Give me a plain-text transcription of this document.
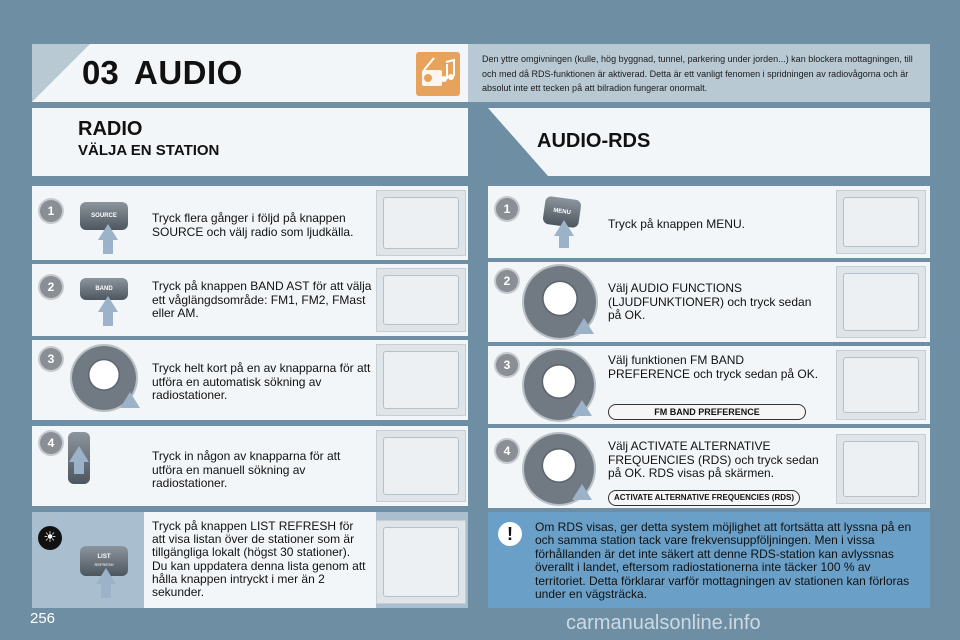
03 AUDIO	Den yttre omgivningen (kulle, hög byggnad, tunnel, parkering under jorden...) kan blockera mottagningen, till och med då RDS-funktionen är aktiverad. Detta är ett vanligt fenomen i spridningen av radiovågorna och är absolut inte ett tecken på att bilradion fungerar onormalt.
RADIO
VÄLJA EN STATION	AUDIO-RDS
1	SOURCE	Tryck flera gånger i följd på knappen SOURCE och välj radio som ljudkälla.
2	BAND	Tryck på knappen BAND AST för att välja ett våglängdsområde: FM1, FM2, FMast eller AM.
3
Tryck helt kort på en av knapparna för att utföra en automatisk sökning av radiostationer.
4
Tryck in någon av knapparna för att utföra en manuell sökning av radiostationer.
1	MENU
Tryck på knappen MENU.
2	Välj AUDIO FUNCTIONS (LJUDFUNKTIONER) och tryck sedan på OK.
3	Välj funktionen FM BAND PREFERENCE och tryck sedan på OK.
FM BAND PREFERENCE
4	Välj ACTIVATE ALTERNATIVE FREQUENCIES (RDS) och tryck sedan på OK. RDS visas på skärmen.
ACTIVATE ALTERNATIVE FREQUENCIES (RDS)
☀
LIST
REFRESH
Tryck på knappen LIST REFRESH för att visa listan över de stationer som är tillgängliga lokalt (högst 30 stationer). Du kan uppdatera denna lista genom att hålla knappen intryckt i mer än 2 sekunder.
!	Om RDS visas, ger detta system möjlighet att fortsätta att lyssna på en och samma station tack vare frekvensuppföljningen. Men i vissa förhållanden är det inte säkert att denne RDS-station kan avlyssnas överallt i landet, eftersom radiostationerna inte täcker 100 % av territoriet. Detta förklarar varför mottagningen av stationen kan förloras under en vägsträcka.
256	carmanualsonline.info
